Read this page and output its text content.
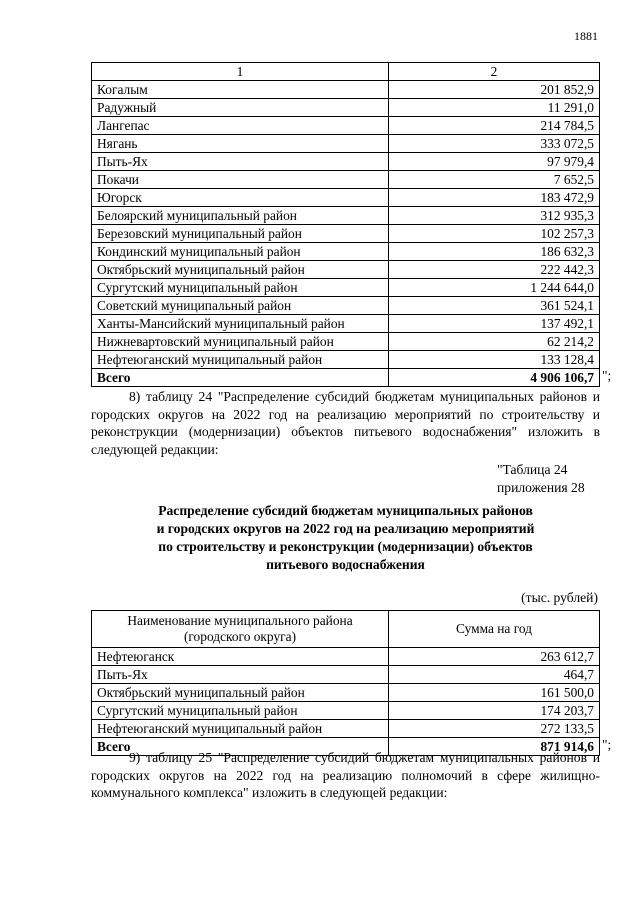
1881
1	2
Когалым	201 852,9
Радужный	11 291,0
Лангепас	214 784,5
Нягань	333 072,5
Пыть-Ях	97 979,4
Покачи	7 652,5
Югорск	183 472,9
Белоярский муниципальный район	312 935,3
Березовский муниципальный район	102 257,3
Кондинский муниципальный район	186 632,3
Октябрьский муниципальный район	222 442,3
Сургутский муниципальный район	1 244 644,0
Советский муниципальный район	361 524,1
Ханты-Мансийский муниципальный район	137 492,1
Нижневартовский муниципальный район	62 214,2
Нефтеюганский муниципальный район	133 128,4
Всего	4 906 106,7 ";

8) таблицу 24 "Распределение субсидий бюджетам муниципальных районов и городских округов на 2022 год на реализацию мероприятий по строительству и реконструкции (модернизации) объектов питьевого водоснабжения" изложить в следующей редакции:

"Таблица 24
приложения 28
Распределение субсидий бюджетам муниципальных районов
и городских округов на 2022 год на реализацию мероприятий
по строительству и реконструкции (модернизации) объектов
питьевого водоснабжения
(тыс. рублей)
Наименование муниципального района (городского округа)	Сумма на год
Нефтеюганск	263 612,7
Пыть-Ях	464,7
Октябрьский муниципальный район	161 500,0
Сургутский муниципальный район	174 203,7
Нефтеюганский муниципальный район	272 133,5
Всего	871 914,6 ";

9) таблицу 25 "Распределение субсидий бюджетам муниципальных районов и городских округов на 2022 год на реализацию полномочий в сфере жилищно-коммунального комплекса" изложить в следующей редакции:
